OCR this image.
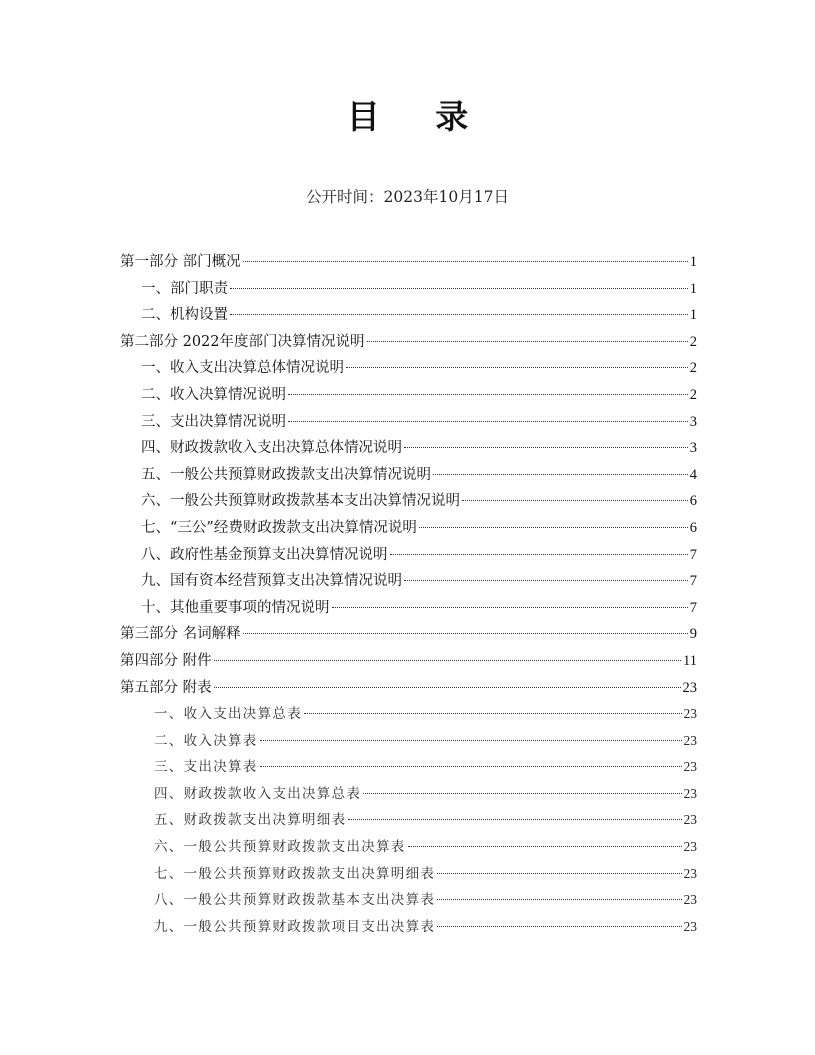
目 录
公开时间：2023年10月17日
第一部分 部门概况	1
一、部门职责	1
二、机构设置	1
第二部分 2022年度部门决算情况说明	2
一、收入支出决算总体情况说明	2
二、收入决算情况说明	2
三、支出决算情况说明	3
四、财政拨款收入支出决算总体情况说明	3
五、一般公共预算财政拨款支出决算情况说明	4
六、一般公共预算财政拨款基本支出决算情况说明	6
七、“三公”经费财政拨款支出决算情况说明	6
八、政府性基金预算支出决算情况说明	7
九、国有资本经营预算支出决算情况说明	7
十、其他重要事项的情况说明	7
第三部分 名词解释	9
第四部分 附件	11
第五部分 附表	23
一、收入支出决算总表	23
二、收入决算表	23
三、支出决算表	23
四、财政拨款收入支出决算总表	23
五、财政拨款支出决算明细表	23
六、一般公共预算财政拨款支出决算表	23
七、一般公共预算财政拨款支出决算明细表	23
八、一般公共预算财政拨款基本支出决算表	23
九、一般公共预算财政拨款项目支出决算表	23
